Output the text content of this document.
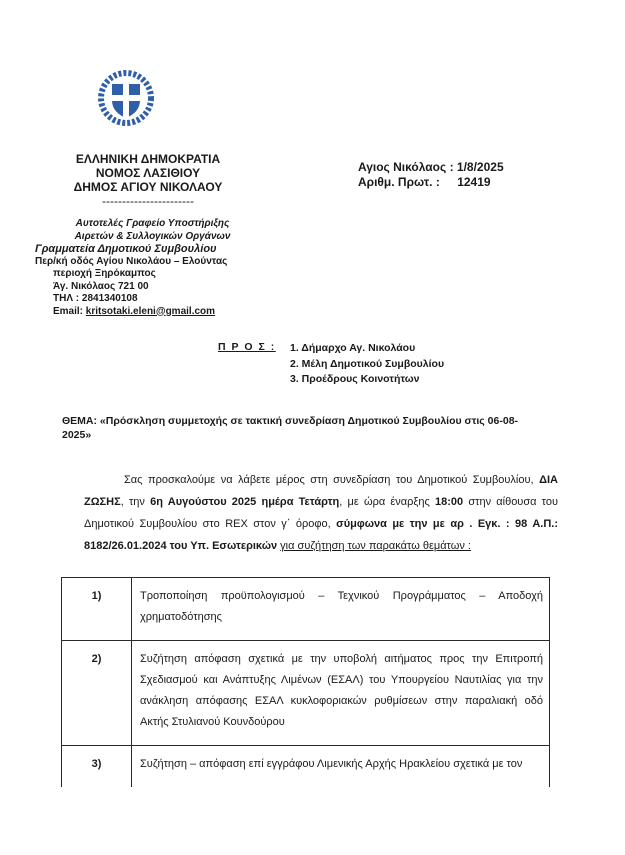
ΕΛΛΗΝΙΚΗ ΔΗΜΟΚΡΑΤΙΑ
ΝΟΜΟΣ ΛΑΣΙΘΙΟΥ
ΔΗΜΟΣ ΑΓΙΟΥ ΝΙΚΟΛΑΟΥ
-----------------------
Αυτοτελές Γραφείο Υποστήριξης
Αιρετών & Συλλογικών Οργάνων
Γραμματεία Δημοτικού Συμβουλίου
Περ/κή οδός Αγίου Νικολάου – Ελούντας
περιοχή Ξηρόκαμπος
Άγ. Νικόλαος 721 00
ΤΗΛ : 2841340108
Email: kritsotaki.eleni@gmail.com
Αγιος Νικόλαος : 1/8/2025
Αριθμ. Πρωτ. : 12419
Π Ρ Ο Σ : 1. Δήμαρχο Αγ. Νικολάου
2. Μέλη Δημοτικού Συμβουλίου
3. Προέδρους Κοινοτήτων
ΘΕΜΑ: «Πρόσκληση συμμετοχής σε τακτική συνεδρίαση Δημοτικού Συμβουλίου στις 06-08-2025»
Σας προσκαλούμε να λάβετε μέρος στη συνεδρίαση του Δημοτικού Συμβουλίου, ΔΙΑ ΖΩΣΗΣ, την 6η Αυγούστου 2025 ημέρα Τετάρτη, με ώρα έναρξης 18:00 στην αίθουσα του Δημοτικού Συμβουλίου στο REX στον γ΄ όροφο, σύμφωνα με την με αρ . Εγκ. : 98 Α.Π.: 8182/26.01.2024 του Υπ. Εσωτερικών για συζήτηση των παρακάτω θεμάτων :
1)	Τροποποίηση προϋπολογισμού – Τεχνικού Προγράμματος – Αποδοχή χρηματοδότησης
2)	Συζήτηση απόφαση σχετικά με την υποβολή αιτήματος προς την Επιτροπή Σχεδιασμού και Ανάπτυξης Λιμένων (ΕΣΑΛ) του Υπουργείου Ναυτιλίας για την ανάκληση απόφασης ΕΣΑΛ κυκλοφοριακών ρυθμίσεων στην παραλιακή οδό Ακτής Στυλιανού Κουνδούρου
3)	Συζήτηση – απόφαση επί εγγράφου Λιμενικής Αρχής Ηρακλείου σχετικά με τον
